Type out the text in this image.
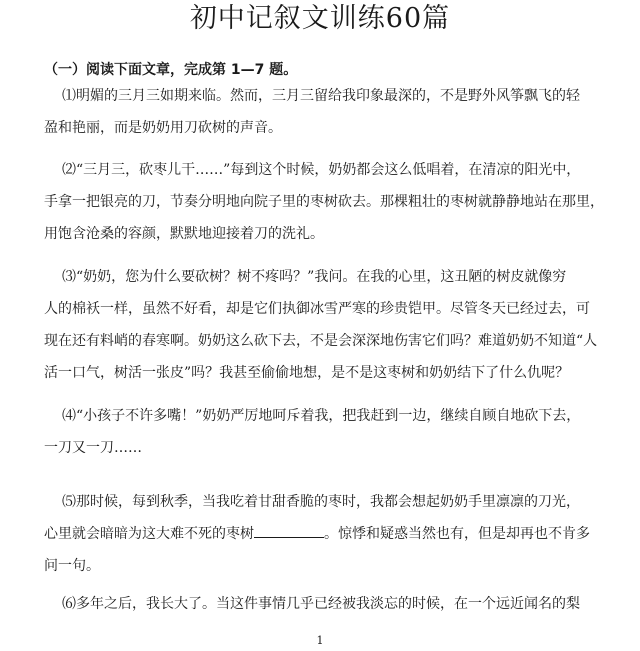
初中记叙文训练60篇
（一）阅读下面文章，完成第 1—7 题。
⑴明媚的三月三如期来临。然而，三月三留给我印象最深的，不是野外风筝飘飞的轻
盈和艳丽，而是奶奶用刀砍树的声音。
⑵“三月三，砍枣儿干……”每到这个时候，奶奶都会这么低唱着，在清凉的阳光中，
手拿一把银亮的刀，节奏分明地向院子里的枣树砍去。那棵粗壮的枣树就静静地站在那里，
用饱含沧桑的容颜，默默地迎接着刀的洗礼。
⑶“奶奶，您为什么要砍树？树不疼吗？”我问。在我的心里，这丑陋的树皮就像穷
人的棉袄一样，虽然不好看，却是它们执御冰雪严寒的珍贵铠甲。尽管冬天已经过去，可
现在还有料峭的春寒啊。奶奶这么砍下去，不是会深深地伤害它们吗？难道奶奶不知道“人
活一口气，树活一张皮”吗？我甚至偷偷地想，是不是这枣树和奶奶结下了什么仇呢？
⑷“小孩子不许多嘴！”奶奶严厉地呵斥着我，把我赶到一边，继续自顾自地砍下去，
一刀又一刀……
⑸那时候，每到秋季，当我吃着甘甜香脆的枣时，我都会想起奶奶手里凛凛的刀光，
心里就会暗暗为这大难不死的枣树	。惊悸和疑惑当然也有，但是却再也不肯多
问一句。
⑹多年之后，我长大了。当这件事情几乎已经被我淡忘的时候，在一个远近闻名的梨
1
